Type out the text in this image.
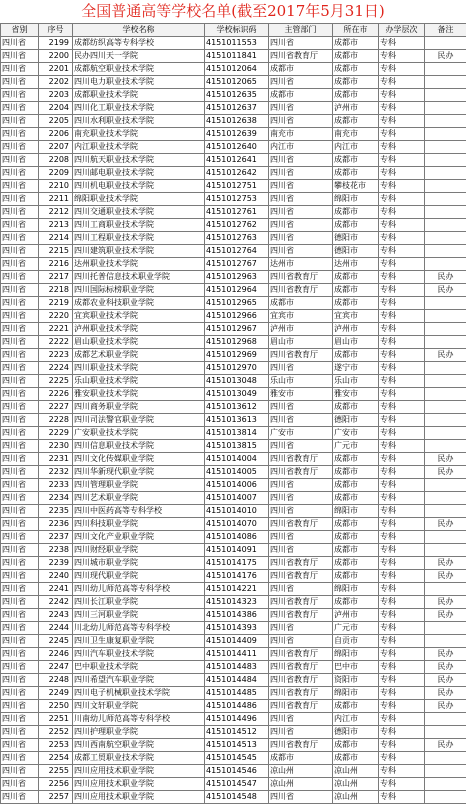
全国普通高等学校名单(截至2017年5月31日)
省别	序号	学校名称	学校标识码	主管部门	所在市	办学层次	备注
四川省	2199	成都纺织高等专科学校	4151011553	四川省	成都市	专科	
四川省	2200	民办四川天一学院	4151011841	四川省教育厅	成都市	专科	民办
四川省	2201	成都航空职业技术学院	4151012064	成都市	成都市	专科	
四川省	2202	四川电力职业技术学院	4151012065	四川省	成都市	专科	
四川省	2203	成都职业技术学院	4151012635	成都市	成都市	专科	
四川省	2204	四川化工职业技术学院	4151012637	四川省	泸州市	专科	
四川省	2205	四川水利职业技术学院	4151012638	四川省	成都市	专科	
四川省	2206	南充职业技术学院	4151012639	南充市	南充市	专科	
四川省	2207	内江职业技术学院	4151012640	内江市	内江市	专科	
四川省	2208	四川航天职业技术学院	4151012641	四川省	成都市	专科	
四川省	2209	四川邮电职业技术学院	4151012642	四川省	成都市	专科	
四川省	2210	四川机电职业技术学院	4151012751	四川省	攀枝花市	专科	
四川省	2211	绵阳职业技术学院	4151012753	四川省	绵阳市	专科	
四川省	2212	四川交通职业技术学院	4151012761	四川省	成都市	专科	
四川省	2213	四川工商职业技术学院	4151012762	四川省	成都市	专科	
四川省	2214	四川工程职业技术学院	4151012763	四川省	德阳市	专科	
四川省	2215	四川建筑职业技术学院	4151012764	四川省	德阳市	专科	
四川省	2216	达州职业技术学院	4151012767	达州市	达州市	专科	
四川省	2217	四川托普信息技术职业学院	4151012963	四川省教育厅	成都市	专科	民办
四川省	2218	四川国际标榜职业学院	4151012964	四川省教育厅	成都市	专科	民办
四川省	2219	成都农业科技职业学院	4151012965	成都市	成都市	专科	
四川省	2220	宜宾职业技术学院	4151012966	宜宾市	宜宾市	专科	
四川省	2221	泸州职业技术学院	4151012967	泸州市	泸州市	专科	
四川省	2222	眉山职业技术学院	4151012968	眉山市	眉山市	专科	
四川省	2223	成都艺术职业学院	4151012969	四川省教育厅	成都市	专科	民办
四川省	2224	四川职业技术学院	4151012970	四川省	遂宁市	专科	
四川省	2225	乐山职业技术学院	4151013048	乐山市	乐山市	专科	
四川省	2226	雅安职业技术学院	4151013049	雅安市	雅安市	专科	
四川省	2227	四川商务职业学院	4151013612	四川省	成都市	专科	
四川省	2228	四川司法警官职业学院	4151013613	四川省	德阳市	专科	
四川省	2229	广安职业技术学院	4151013814	广安市	广安市	专科	
四川省	2230	四川信息职业技术学院	4151013815	四川省	广元市	专科	
四川省	2231	四川文化传媒职业学院	4151014004	四川省教育厅	成都市	专科	民办
四川省	2232	四川华新现代职业学院	4151014005	四川省教育厅	成都市	专科	民办
四川省	2233	四川管理职业学院	4151014006	四川省	成都市	专科	
四川省	2234	四川艺术职业学院	4151014007	四川省	成都市	专科	
四川省	2235	四川中医药高等专科学校	4151014010	四川省	绵阳市	专科	
四川省	2236	四川科技职业学院	4151014070	四川省教育厅	成都市	专科	民办
四川省	2237	四川文化产业职业学院	4151014086	四川省	成都市	专科	
四川省	2238	四川财经职业学院	4151014091	四川省	成都市	专科	
四川省	2239	四川城市职业学院	4151014175	四川省教育厅	成都市	专科	民办
四川省	2240	四川现代职业学院	4151014176	四川省教育厅	成都市	专科	民办
四川省	2241	四川幼儿师范高等专科学校	4151014221	四川省	绵阳市	专科	
四川省	2242	四川长江职业学院	4151014323	四川省教育厅	成都市	专科	民办
四川省	2243	四川三河职业学院	4151014386	四川省教育厅	泸州市	专科	民办
四川省	2244	川北幼儿师范高等专科学校	4151014393	四川省	广元市	专科	
四川省	2245	四川卫生康复职业学院	4151014409	四川省	自贡市	专科	
四川省	2246	四川汽车职业技术学院	4151014411	四川省教育厅	绵阳市	专科	民办
四川省	2247	巴中职业技术学院	4151014483	四川省教育厅	巴中市	专科	民办
四川省	2248	四川希望汽车职业学院	4151014484	四川省教育厅	资阳市	专科	民办
四川省	2249	四川电子机械职业技术学院	4151014485	四川省教育厅	绵阳市	专科	民办
四川省	2250	四川文轩职业学院	4151014486	四川省教育厅	成都市	专科	民办
四川省	2251	川南幼儿师范高等专科学校	4151014496	四川省	内江市	专科	
四川省	2252	四川护理职业学院	4151014512	四川省	德阳市	专科	
四川省	2253	四川西南航空职业学院	4151014513	四川省教育厅	成都市	专科	民办
四川省	2254	成都工贸职业技术学院	4151014545	成都市	成都市	专科	
四川省	2255	四川应用技术职业学院	4151014546	凉山州	凉山州	专科	
四川省	2256	四川应用技术职业学院	4151014547	凉山州	凉山州	专科	
四川省	2257	四川应用技术职业学院	4151014548	四川省	凉山州	专科	
